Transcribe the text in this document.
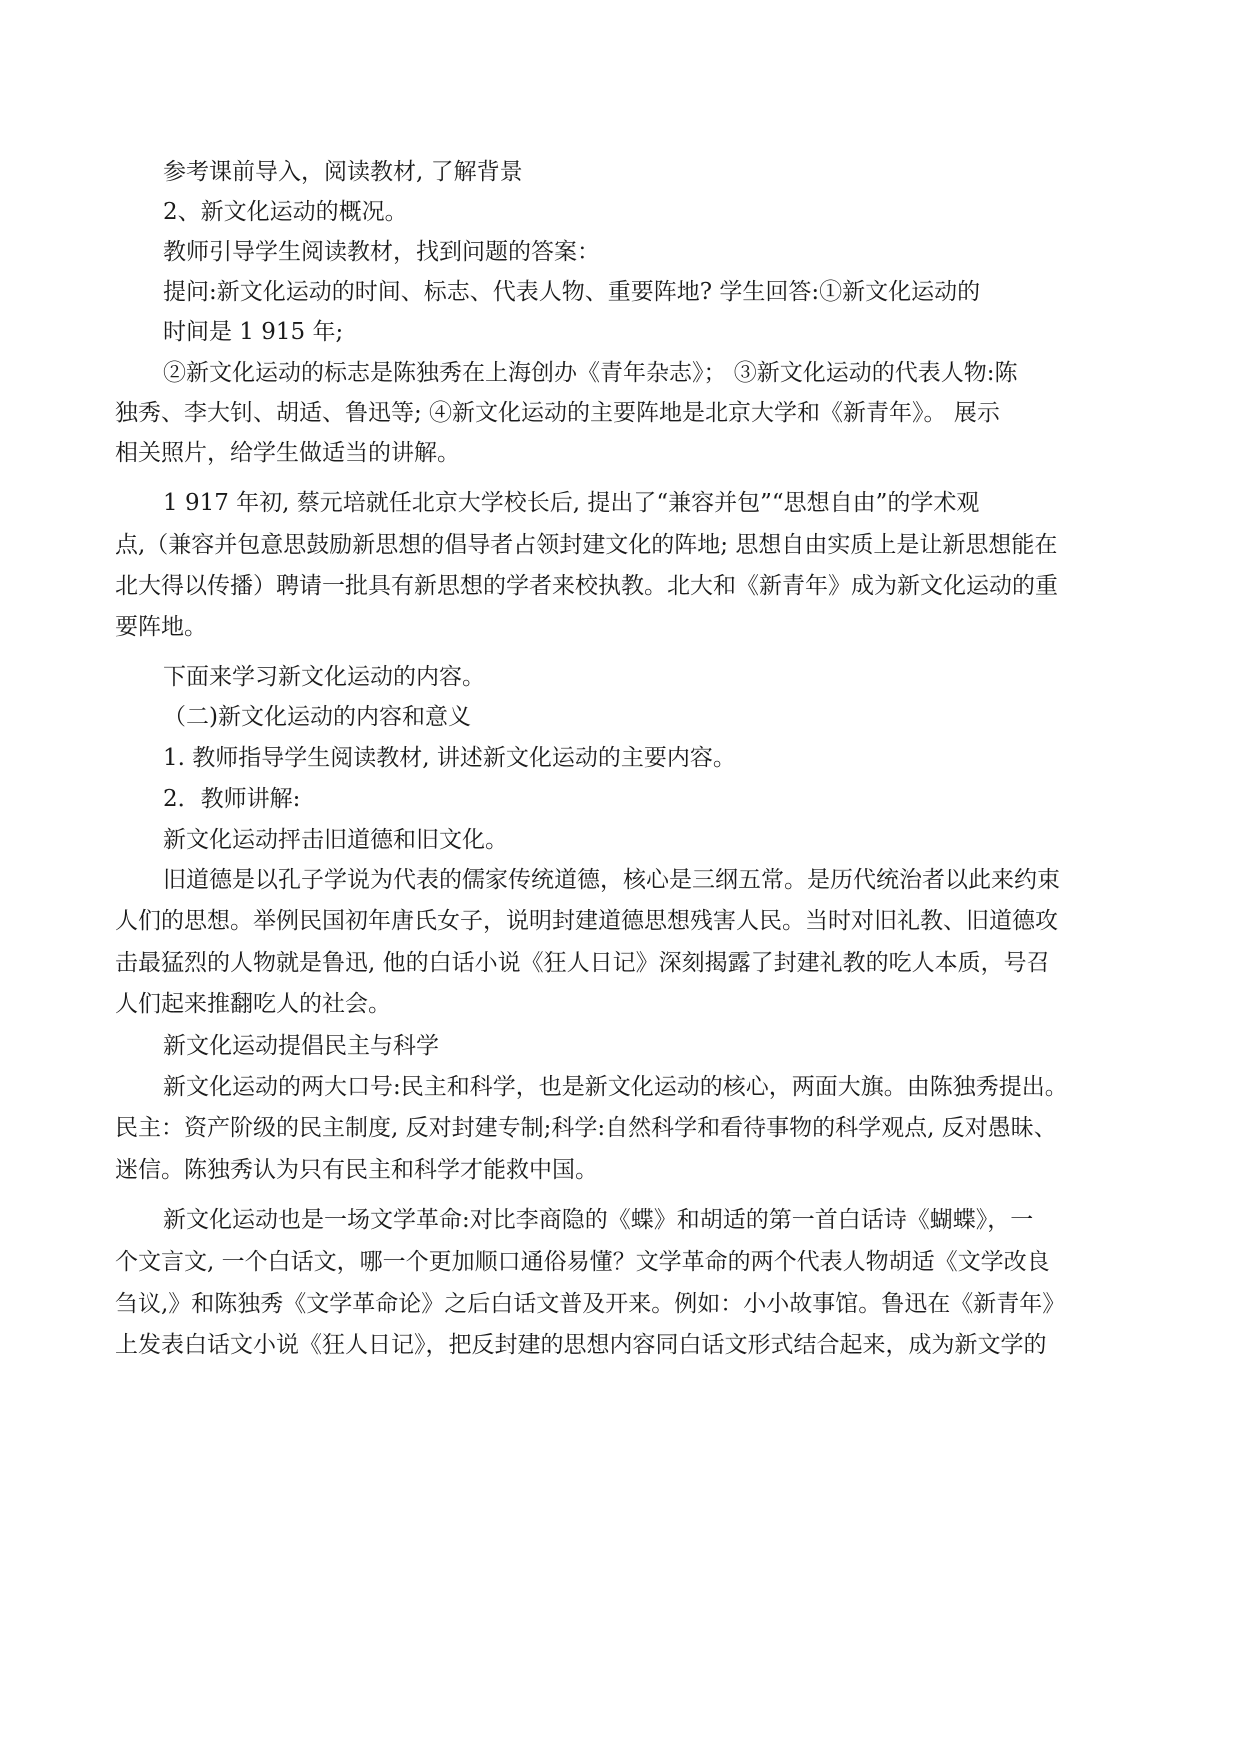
参考课前导入，阅读教材, 了解背景
2、新文化运动的概况。
教师引导学生阅读教材，找到问题的答案：
提问:新文化运动的时间、标志、代表人物、重要阵地? 学生回答:①新文化运动的
时间是 1 915 年;
②新文化运动的标志是陈独秀在上海创办《青年杂志》； ③新文化运动的代表人物:陈
独秀、李大钊、胡适、鲁迅等; ④新文化运动的主要阵地是北京大学和《新青年》。 展示
相关照片，给学生做适当的讲解。
1 917 年初, 蔡元培就任北京大学校长后, 提出了“兼容并包”“思想自由”的学术观
点,（兼容并包意思鼓励新思想的倡导者占领封建文化的阵地; 思想自由实质上是让新思想能在
北大得以传播）聘请一批具有新思想的学者来校执教。北大和《新青年》成为新文化运动的重
要阵地。
下面来学习新文化运动的内容。
（二)新文化运动的内容和意义
1. 教师指导学生阅读教材, 讲述新文化运动的主要内容。
2．教师讲解:
新文化运动抨击旧道德和旧文化。
旧道德是以孔子学说为代表的儒家传统道德，核心是三纲五常。是历代统治者以此来约束
人们的思想。举例民国初年唐氏女子，说明封建道德思想残害人民。当时对旧礼教、旧道德攻
击最猛烈的人物就是鲁迅, 他的白话小说《狂人日记》深刻揭露了封建礼教的吃人本质，号召
人们起来推翻吃人的社会。
新文化运动提倡民主与科学
新文化运动的两大口号:民主和科学，也是新文化运动的核心，两面大旗。由陈独秀提出。
民主：资产阶级的民主制度, 反对封建专制;科学:自然科学和看待事物的科学观点, 反对愚昧、
迷信。陈独秀认为只有民主和科学才能救中国。
新文化运动也是一场文学革命:对比李商隐的《蝶》和胡适的第一首白话诗《蝴蝶》，一
个文言文, 一个白话文，哪一个更加顺口通俗易懂？文学革命的两个代表人物胡适《文学改良
刍议,》和陈独秀《文学革命论》之后白话文普及开来。例如：小小故事馆。鲁迅在《新青年》
上发表白话文小说《狂人日记》，把反封建的思想内容同白话文形式结合起来，成为新文学的
